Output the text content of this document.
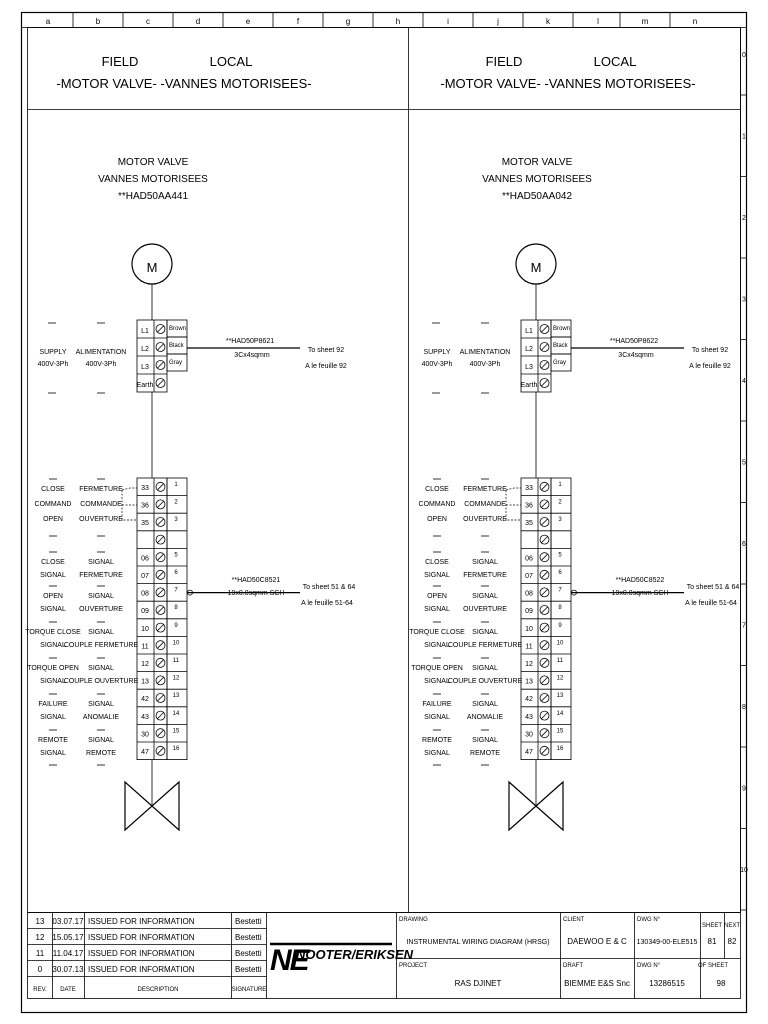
a	b	c	d	e	f	g	h	i	j	k	l	m	n
0
1
2
3
4
5
6
7
8
9
10
FIELD	LOCAL
-MOTOR VALVE- -VANNES MOTORISEES-
MOTOR VALVE
VANNES MOTORISEES
**HAD50AA441
M
L1
L2
L3
Earth
Brown
Black
Gray
**HAD50P8621
3Cx4sqmm
To sheet 92
A le feuille 92
SUPPLY
400V-3Ph
ALIMENTATION
400V-3Ph
33	1
36	2
35	3
06	5
07	6
08	7
09	8
10	9
11	10
12	11
13	12
42	13
43	14
30	15
47	16
**HAD50C8521
19x0.8sqmm SCH
To sheet 51 & 64
A le feuille 51-64
CLOSE
COMMAND
OPEN
FERMETURE
COMMANDE
OUVERTURE
CLOSE
SIGNAL
SIGNAL
FERMETURE
OPEN
SIGNAL
SIGNAL
OUVERTURE
TORQUE CLOSE
SIGNAL
SIGNAL
COUPLE FERMETURE
TORQUE OPEN
SIGNAL
SIGNAL
COUPLE OUVERTURE
FAILURE
SIGNAL
SIGNAL
ANOMALIE
REMOTE
SIGNAL
SIGNAL
REMOTE
FIELD	LOCAL
-MOTOR VALVE- -VANNES MOTORISEES-
MOTOR VALVE
VANNES MOTORISEES
**HAD50AA042
M
L1
L2
L3
Earth
Brown
Black
Gray
**HAD50P8622
3Cx4sqmm
To sheet 92
A le feuille 92
SUPPLY
400V-3Ph
ALIMENTATION
400V-3Ph
33	1
36	2
35	3
06	5
07	6
08	7
09	8
10	9
11	10
12	11
13	12
42	13
43	14
30	15
47	16
**HAD50C8522
19x0.8sqmm SCH
To sheet 51 & 64
A le feuille 51-64
CLOSE
COMMAND
OPEN
FERMETURE
COMMANDE
OUVERTURE
CLOSE
SIGNAL
SIGNAL
FERMETURE
OPEN
SIGNAL
SIGNAL
OUVERTURE
TORQUE CLOSE
SIGNAL
SIGNAL
COUPLE FERMETURE
TORQUE OPEN
SIGNAL
SIGNAL
COUPLE OUVERTURE
FAILURE
SIGNAL
SIGNAL
ANOMALIE
REMOTE
SIGNAL
SIGNAL
REMOTE
13 03.07.17 ISSUED FOR INFORMATION	Bestetti
12 15.05.17 ISSUED FOR INFORMATION	Bestetti
11 11.04.17 ISSUED FOR INFORMATION	Bestetti
0 30.07.13 ISSUED FOR INFORMATION	Bestetti
REV. DATE	DESCRIPTION	SIGNATURE
NE
NOOTER/ERIKSEN
DRAWING
INSTRUMENTAL WIRING DIAGRAM (HRSG)
PROJECT
RAS DJINET
CLIENT
DAEWOO E & C
DRAFT
BIEMME E&S Snc
DWG N°
130349-00-ELE515
DWG N°
13286515
SHEET
81
NEXT
82
OF SHEET
98
